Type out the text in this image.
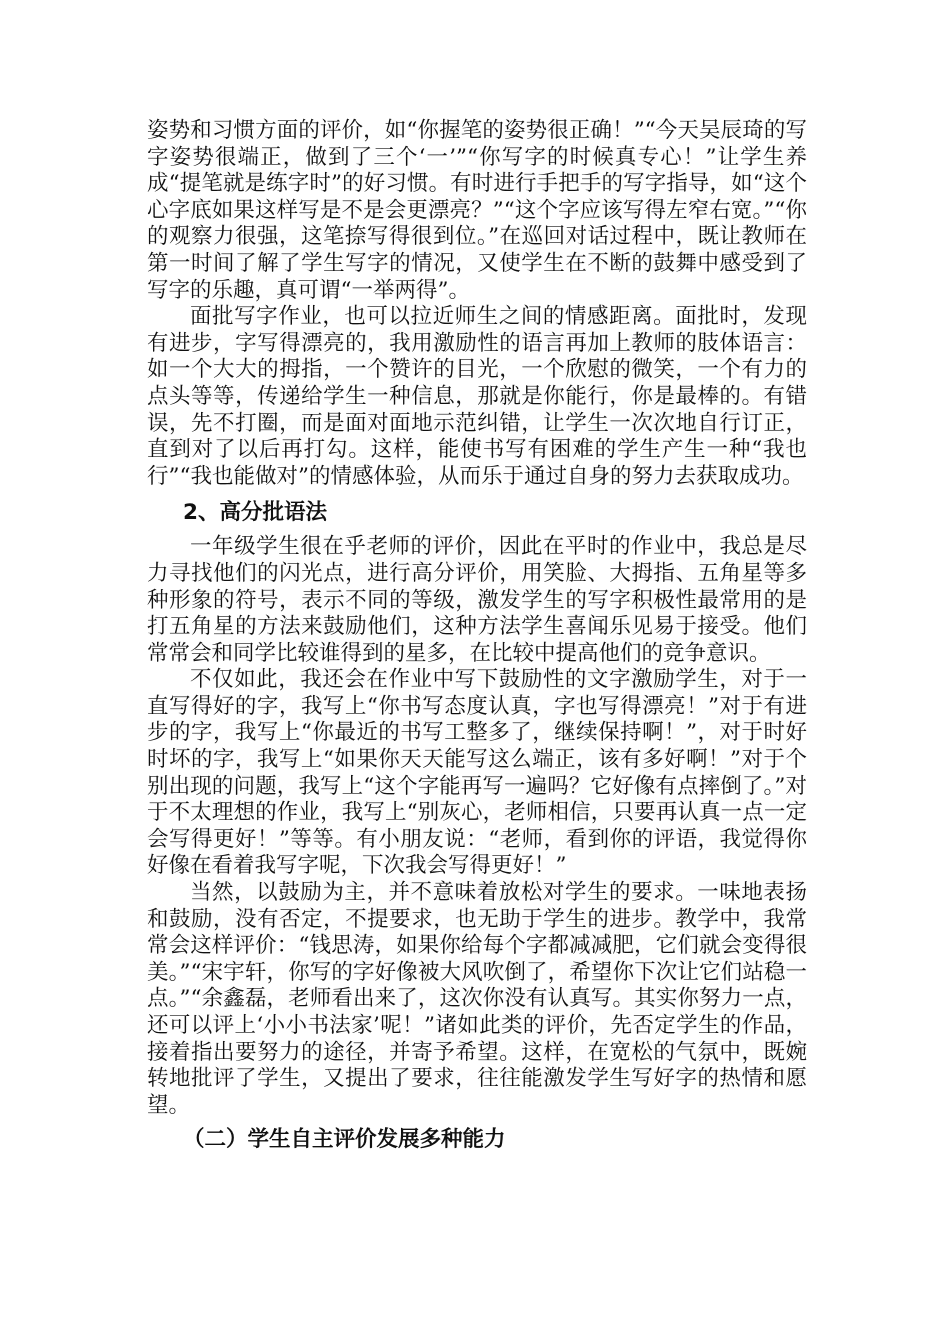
姿势和习惯方面的评价，如“你握笔的姿势很正确！”“今天吴辰琦的写字姿势很端正，做到了三个‘一’”“你写字的时候真专心！”让学生养成“提笔就是练字时”的好习惯。有时进行手把手的写字指导，如“这个心字底如果这样写是不是会更漂亮？”“这个字应该写得左窄右宽。”“你的观察力很强，这笔捺写得很到位。”在巡回对话过程中，既让教师在第一时间了解了学生写字的情况，又使学生在不断的鼓舞中感受到了写字的乐趣，真可谓“一举两得”。

面批写字作业，也可以拉近师生之间的情感距离。面批时，发现有进步，字写得漂亮的，我用激励性的语言再加上教师的肢体语言：如一个大大的拇指，一个赞许的目光，一个欣慰的微笑，一个有力的点头等等，传递给学生一种信息，那就是你能行，你是最棒的。有错误，先不打圈，而是面对面地示范纠错，让学生一次次地自行订正，直到对了以后再打勾。这样，能使书写有困难的学生产生一种“我也行”“我也能做对”的情感体验，从而乐于通过自身的努力去获取成功。

2、高分批语法

一年级学生很在乎老师的评价，因此在平时的作业中，我总是尽力寻找他们的闪光点，进行高分评价，用笑脸、大拇指、五角星等多种形象的符号，表示不同的等级，激发学生的写字积极性最常用的是打五角星的方法来鼓励他们，这种方法学生喜闻乐见易于接受。他们常常会和同学比较谁得到的星多，在比较中提高他们的竞争意识。

不仅如此，我还会在作业中写下鼓励性的文字激励学生，对于一直写得好的字，我写上“你书写态度认真，字也写得漂亮！”对于有进步的字，我写上“你最近的书写工整多了，继续保持啊！”，对于时好时坏的字，我写上“如果你天天能写这么端正，该有多好啊！”对于个别出现的问题，我写上“这个字能再写一遍吗？它好像有点摔倒了。”对于不太理想的作业，我写上“别灰心，老师相信，只要再认真一点一定会写得更好！”等等。有小朋友说：“老师，看到你的评语，我觉得你好像在看着我写字呢，下次我会写得更好！”

当然，以鼓励为主，并不意味着放松对学生的要求。一味地表扬和鼓励，没有否定，不提要求，也无助于学生的进步。教学中，我常常会这样评价：“钱思涛，如果你给每个字都减减肥，它们就会变得很美。”“宋宇轩，你写的字好像被大风吹倒了，希望你下次让它们站稳一点。”“余鑫磊，老师看出来了，这次你没有认真写。其实你努力一点，还可以评上‘小小书法家’呢！”诸如此类的评价，先否定学生的作品，接着指出要努力的途径，并寄予希望。这样，在宽松的气氛中，既婉转地批评了学生，又提出了要求，往往能激发学生写好字的热情和愿望。

（二）学生自主评价发展多种能力
